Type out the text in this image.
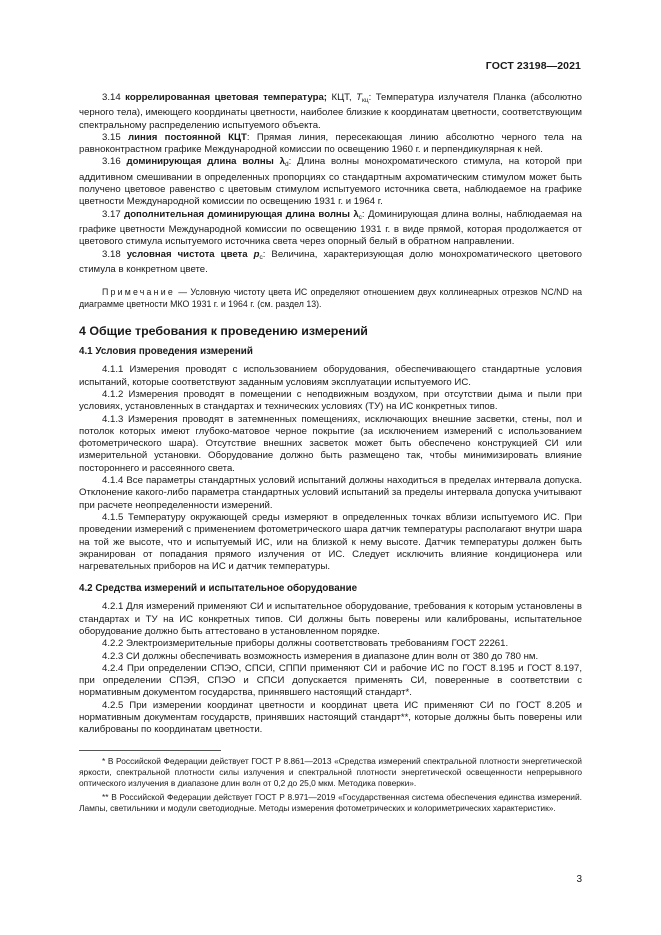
ГОСТ 23198—2021

3.14 коррелированная цветовая температура; КЦТ, $T_{кц}$: Температура излучателя Планка (абсолютно черного тела), имеющего координаты цветности, наиболее близкие к координатам цветности, соответствующим спектральному распределению испытуемого объекта.

3.15 линия постоянной КЦТ: Прямая линия, пересекающая линию абсолютно черного тела на равноконтрастном графике Международной комиссии по освещению 1960 г. и перпендикулярная к ней.

3.16 доминирующая длина волны $\lambda_d$: Длина волны монохроматического стимула, на которой при аддитивном смешивании в определенных пропорциях со стандартным ахроматическим стимулом может быть получено цветовое равенство с цветовым стимулом испытуемого источника света, наблюдаемое на графике цветности Международной комиссии по освещению 1931 г. и 1964 г.

3.17 дополнительная доминирующая длина волны $\lambda_c$: Доминирующая длина волны, наблюдаемая на графике цветности Международной комиссии по освещению 1931 г. в виде прямой, которая продолжается от цветового стимула испытуемого источника света через опорный белый в обратном направлении.

3.18 условная чистота цвета $p_c$: Величина, характеризующая долю монохроматического цветового стимула в конкретном цвете.

Примечание — Условную чистоту цвета ИС определяют отношением двух коллинеарных отрезков NC/ND на диаграмме цветности МКО 1931 г. и 1964 г. (см. раздел 13).

4 Общие требования к проведению измерений
4.1 Условия проведения измерений

4.1.1 Измерения проводят с использованием оборудования, обеспечивающего стандартные условия испытаний, которые соответствуют заданным условиям эксплуатации испытуемого ИС.

4.1.2 Измерения проводят в помещении с неподвижным воздухом, при отсутствии дыма и пыли при условиях, установленных в стандартах и технических условиях (ТУ) на ИС конкретных типов.

4.1.3 Измерения проводят в затемненных помещениях, исключающих внешние засветки, стены, пол и потолок которых имеют глубоко-матовое черное покрытие (за исключением измерений с использованием фотометрического шара). Отсутствие внешних засветок может быть обеспечено конструкцией СИ или измерительной установки. Оборудование должно быть размещено так, чтобы минимизировать влияние постороннего и рассеянного света.

4.1.4 Все параметры стандартных условий испытаний должны находиться в пределах интервала допуска. Отклонение какого-либо параметра стандартных условий испытаний за пределы интервала допуска учитывают при расчете неопределенности измерений.

4.1.5 Температуру окружающей среды измеряют в определенных точках вблизи испытуемого ИС. При проведении измерений с применением фотометрического шара датчик температуры располагают внутри шара на той же высоте, что и испытуемый ИС, или на близкой к нему высоте. Датчик температуры должен быть экранирован от попадания прямого излучения от ИС. Следует исключить влияние кондиционера или нагревательных приборов на ИС и датчик температуры.

4.2 Средства измерений и испытательное оборудование

4.2.1 Для измерений применяют СИ и испытательное оборудование, требования к которым установлены в стандартах и ТУ на ИС конкретных типов. СИ должны быть поверены или калиброваны, испытательное оборудование должно быть аттестовано в установленном порядке.

4.2.2 Электроизмерительные приборы должны соответствовать требованиям ГОСТ 22261.

4.2.3 СИ должны обеспечивать возможность измерения в диапазоне длин волн от 380 до 780 нм.

4.2.4 При определении СПЭО, СПСИ, СППИ применяют СИ и рабочие ИС по ГОСТ 8.195 и ГОСТ 8.197, при определении СПЭЯ, СПЭО и СПСИ допускается применять СИ, поверенные в соответствии с нормативным документом государства, принявшего настоящий стандарт*.

4.2.5 При измерении координат цветности и координат цвета ИС применяют СИ по ГОСТ 8.205 и нормативным документам государств, принявших настоящий стандарт**, которые должны быть поверены или калиброваны по координатам цветности.

* В Российской Федерации действует ГОСТ Р 8.861—2013 «Средства измерений спектральной плотности энергетической яркости, спектральной плотности силы излучения и спектральной плотности энергетической освещенности непрерывного оптического излучения в диапазоне длин волн от 0,2 до 25,0 мкм. Методика поверки».

** В Российской Федерации действует ГОСТ Р 8.971—2019 «Государственная система обеспечения единства измерений. Лампы, светильники и модули светодиодные. Методы измерения фотометрических и колориметрических характеристик».

3
